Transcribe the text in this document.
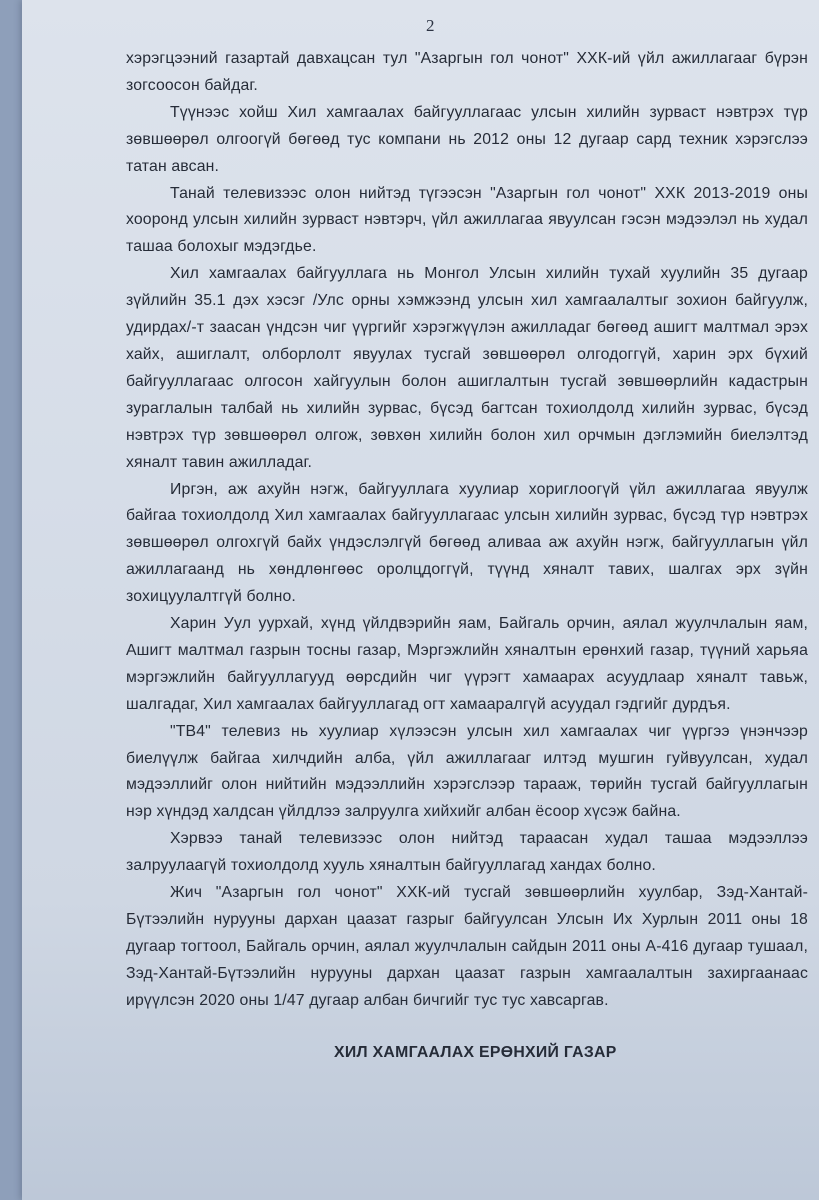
2

хэрэгцээний газартай давхацсан тул "Азаргын гол чонот" ХХК-ий үйл ажиллагааг бүрэн зогсоосон байдаг.

Түүнээс хойш Хил хамгаалах байгууллагаас улсын хилийн зурваст нэвтрэх түр зөвшөөрөл олгоогүй бөгөөд тус компани нь 2012 оны 12 дугаар сард техник хэрэгслээ татан авсан.

Танай телевизээс олон нийтэд түгээсэн "Азаргын гол чонот" ХХК 2013-2019 оны хооронд улсын хилийн зурваст нэвтэрч, үйл ажиллагаа явуулсан гэсэн мэдээлэл нь худал ташаа болохыг мэдэгдье.

Хил хамгаалах байгууллага нь Монгол Улсын хилийн тухай хуулийн 35 дугаар зүйлийн 35.1 дэх хэсэг /Улс орны хэмжээнд улсын хил хамгаалалтыг зохион байгуулж, удирдах/-т заасан үндсэн чиг үүргийг хэрэгжүүлэн ажилладаг бөгөөд ашигт малтмал эрэх хайх, ашиглалт, олборлолт явуулах тусгай зөвшөөрөл олгодоггүй, харин эрх бүхий байгууллагаас олгосон хайгуулын болон ашиглалтын тусгай зөвшөөрлийн кадастрын зураглалын талбай нь хилийн зурвас, бүсэд багтсан тохиолдолд хилийн зурвас, бүсэд нэвтрэх түр зөвшөөрөл олгож, зөвхөн хилийн болон хил орчмын дэглэмийн биелэлтэд хяналт тавин ажилладаг.

Иргэн, аж ахуйн нэгж, байгууллага хуулиар хориглоогүй үйл ажиллагаа явуулж байгаа тохиолдолд Хил хамгаалах байгууллагаас улсын хилийн зурвас, бүсэд түр нэвтрэх зөвшөөрөл олгохгүй байх үндэслэлгүй бөгөөд аливаа аж ахуйн нэгж, байгууллагын үйл ажиллагаанд нь хөндлөнгөөс оролцдоггүй, түүнд хяналт тавих, шалгах эрх зүйн зохицуулалтгүй болно.

Харин Уул уурхай, хүнд үйлдвэрийн яам, Байгаль орчин, аялал жуулчлалын яам, Ашигт малтмал газрын тосны газар, Мэргэжлийн хяналтын ерөнхий газар, түүний харьяа мэргэжлийн байгууллагууд өөрсдийн чиг үүрэгт хамаарах асуудлаар хяналт тавьж, шалгадаг, Хил хамгаалах байгууллагад огт хамааралгүй асуудал гэдгийг дурдъя.

"ТВ4" телевиз нь хуулиар хүлээсэн улсын хил хамгаалах чиг үүргээ үнэнчээр биелүүлж байгаа хилчдийн алба, үйл ажиллагааг илтэд мушгин гуйвуулсан, худал мэдээллийг олон нийтийн мэдээллийн хэрэгслээр тарааж, төрийн тусгай байгууллагын нэр хүндэд халдсан үйлдлээ залруулга хийхийг албан ёсоор хүсэж байна.

Хэрвээ танай телевизээс олон нийтэд тараасан худал ташаа мэдээллээ залруулаагүй тохиолдолд хууль хяналтын байгууллагад хандах болно.

Жич "Азаргын гол чонот" ХХК-ий тусгай зөвшөөрлийн хуулбар, Зэд-Хантай-Бүтээлийн нурууны дархан цаазат газрыг байгуулсан Улсын Их Хурлын 2011 оны 18 дугаар тогтоол, Байгаль орчин, аялал жуулчлалын сайдын 2011 оны А-416 дугаар тушаал, Зэд-Хантай-Бүтээлийн нурууны дархан цаазат газрын хамгаалалтын захиргаанаас ирүүлсэн 2020 оны 1/47 дугаар албан бичгийг тус тус хавсаргав.

ХИЛ ХАМГААЛАХ ЕРӨНХИЙ ГАЗАР
